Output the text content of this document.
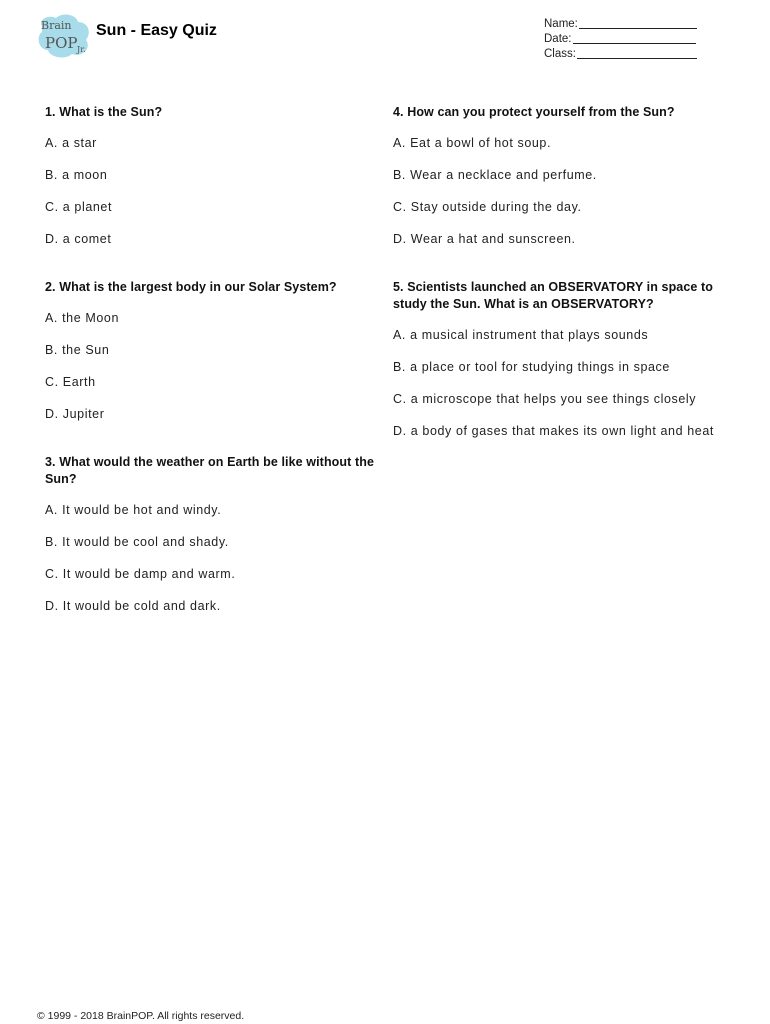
Brain
POP Jr.
Sun - Easy Quiz	Name:
Date:
Class:
1. What is the Sun?
A. a star
B. a moon
C. a planet
D. a comet
2. What is the largest body in our Solar System?
A. the Moon
B. the Sun
C. Earth
D. Jupiter
3. What would the weather on Earth be like without the Sun?
A. It would be hot and windy.
B. It would be cool and shady.
C. It would be damp and warm.
D. It would be cold and dark.
4. How can you protect yourself from the Sun?
A. Eat a bowl of hot soup.
B. Wear a necklace and perfume.
C. Stay outside during the day.
D. Wear a hat and sunscreen.
5. Scientists launched an OBSERVATORY in space to study the Sun. What is an OBSERVATORY?
A. a musical instrument that plays sounds
B. a place or tool for studying things in space
C. a microscope that helps you see things closely
D. a body of gases that makes its own light and heat
© 1999 - 2018 BrainPOP. All rights reserved.
